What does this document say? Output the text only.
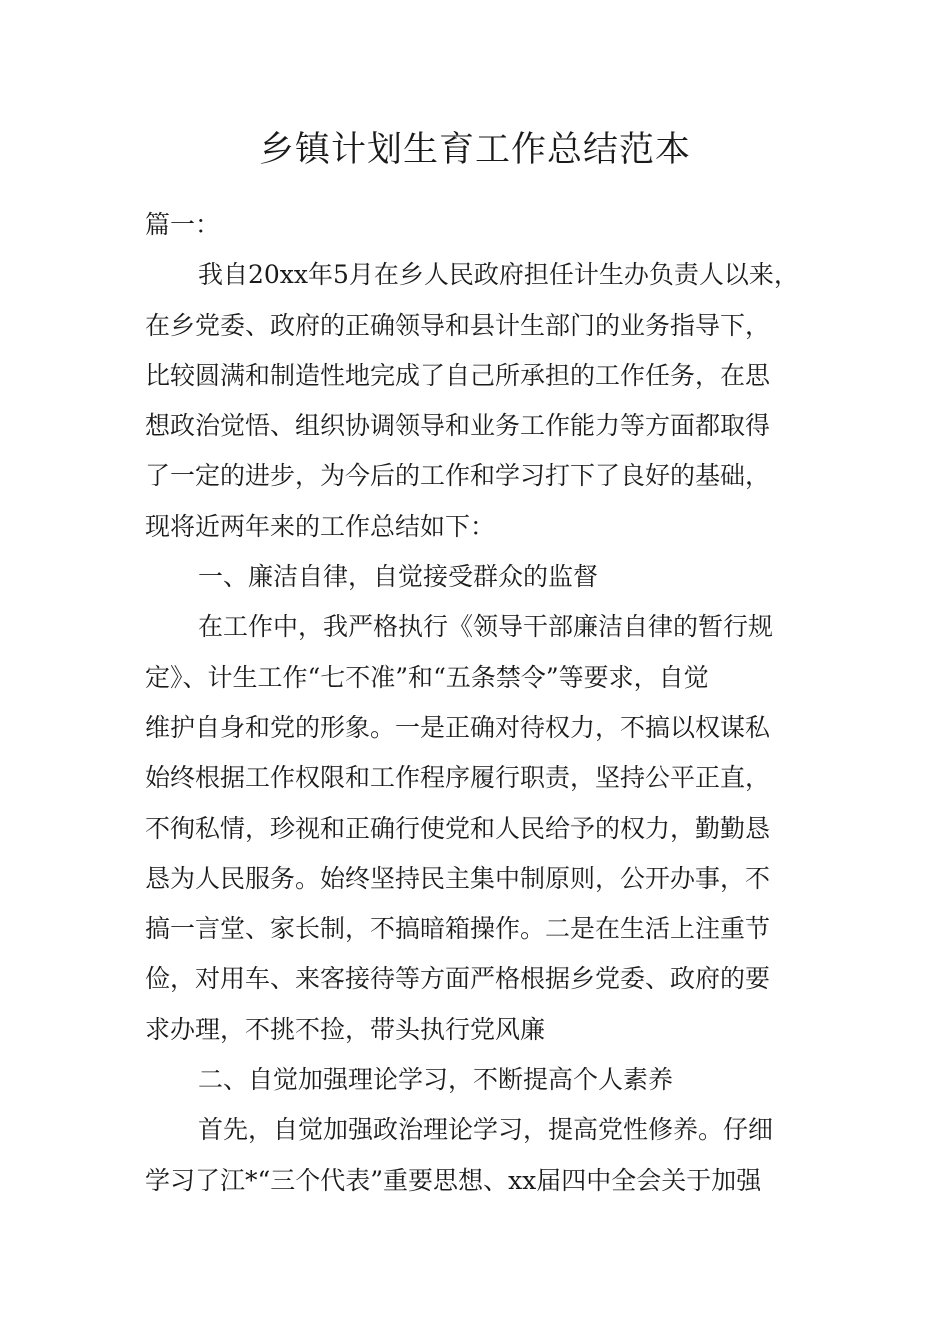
乡镇计划生育工作总结范本
篇一：
我自20xx年5月在乡人民政府担任计生办负责人以来，
在乡党委、政府的正确领导和县计生部门的业务指导下，
比较圆满和制造性地完成了自己所承担的工作任务，在思
想政治觉悟、组织协调领导和业务工作能力等方面都取得
了一定的进步，为今后的工作和学习打下了良好的基础，
现将近两年来的工作总结如下：
一、廉洁自律，自觉接受群众的监督
在工作中，我严格执行《领导干部廉洁自律的暂行规
定》、计生工作“七不准”和“五条禁令”等要求，自觉
维护自身和党的形象。一是正确对待权力，不搞以权谋私
始终根据工作权限和工作程序履行职责，坚持公平正直，
不徇私情，珍视和正确行使党和人民给予的权力，勤勤恳
恳为人民服务。始终坚持民主集中制原则，公开办事，不
搞一言堂、家长制，不搞暗箱操作。二是在生活上注重节
俭，对用车、来客接待等方面严格根据乡党委、政府的要
求办理，不挑不捡，带头执行党风廉
二、自觉加强理论学习，不断提高个人素养
首先，自觉加强政治理论学习，提高党性修养。仔细
学习了江*“三个代表”重要思想、xx届四中全会关于加强
